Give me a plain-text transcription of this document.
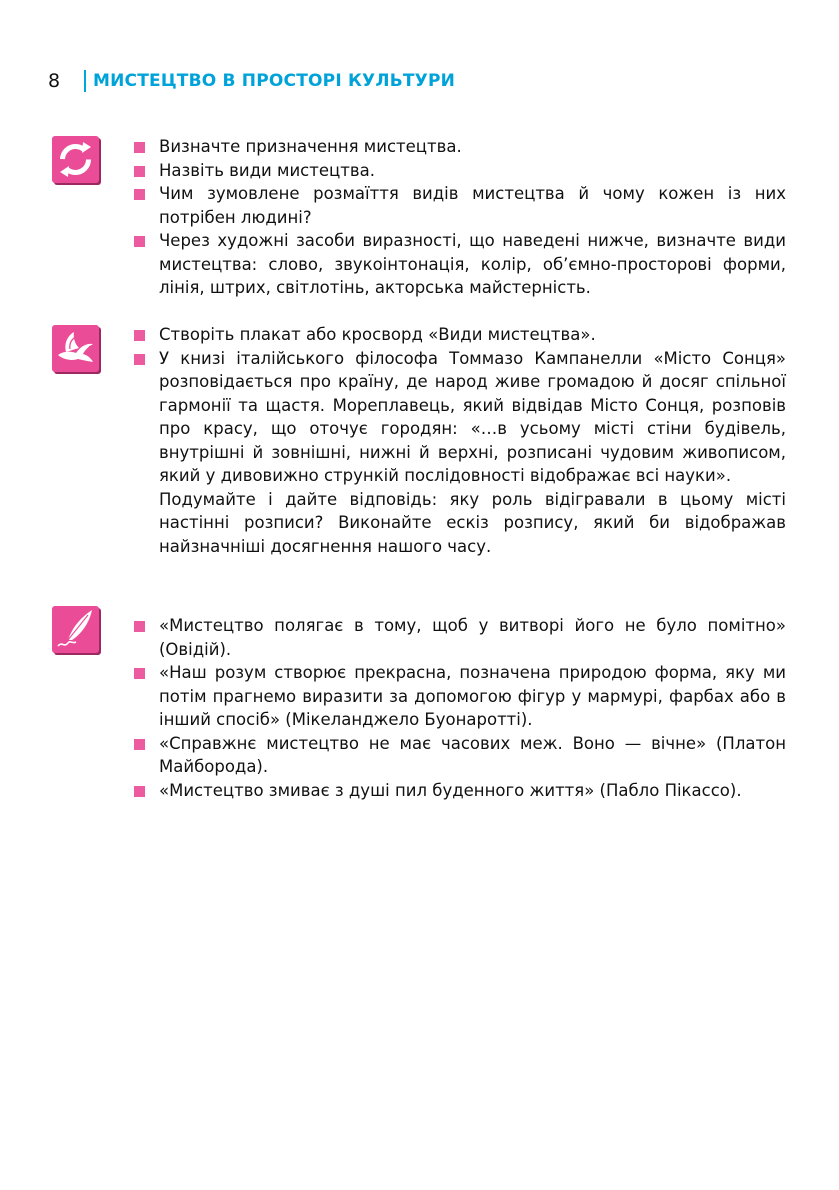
8	МИСТЕЦТВО В ПРОСТОРІ КУЛЬТУРИ

Визначте призначення мистецтва.

Назвіть види мистецтва.

Чим зумовлене розмаїття видів мистецтва й чому кожен із них потрібен людині?

Через художні засоби виразності, що наведені нижче, визначте види мистецтва: слово, звукоінтонація, колір, об’ємно-просторові форми, лінія, штрих, світлотінь, акторська майстерність.

Створіть плакат або кросворд «Види мистецтва».

У книзі італійського філософа Томмазо Кампанелли «Місто Сонця» розповідається про країну, де народ живе громадою й досяг спільної гармонії та щастя. Мореплавець, який відвідав Місто Сонця, розповів про красу, що оточує городян: «…в усьому місті стіни будівель, внутрішні й зовнішні, нижні й верхні, розписані чудовим живописом, який у дивовижно стрункій послідовності відображає всі науки».

Подумайте і дайте відповідь: яку роль відігравали в цьому місті настінні розписи? Виконайте ескіз розпису, який би відображав найзначніші досягнення нашого часу.

«Мистецтво полягає в тому, щоб у витворі його не було помітно» (Овідій).

«Наш розум створює прекрасна, позначена природою форма, яку ми потім прагнемо виразити за допомогою фігур у мармурі, фарбах або в інший спосіб» (Мікеланджело Буонаротті).

«Справжнє мистецтво не має часових меж. Воно — вічне» (Платон Майборода).

«Мистецтво змиває з душі пил буденного життя» (Пабло Пікассо).
